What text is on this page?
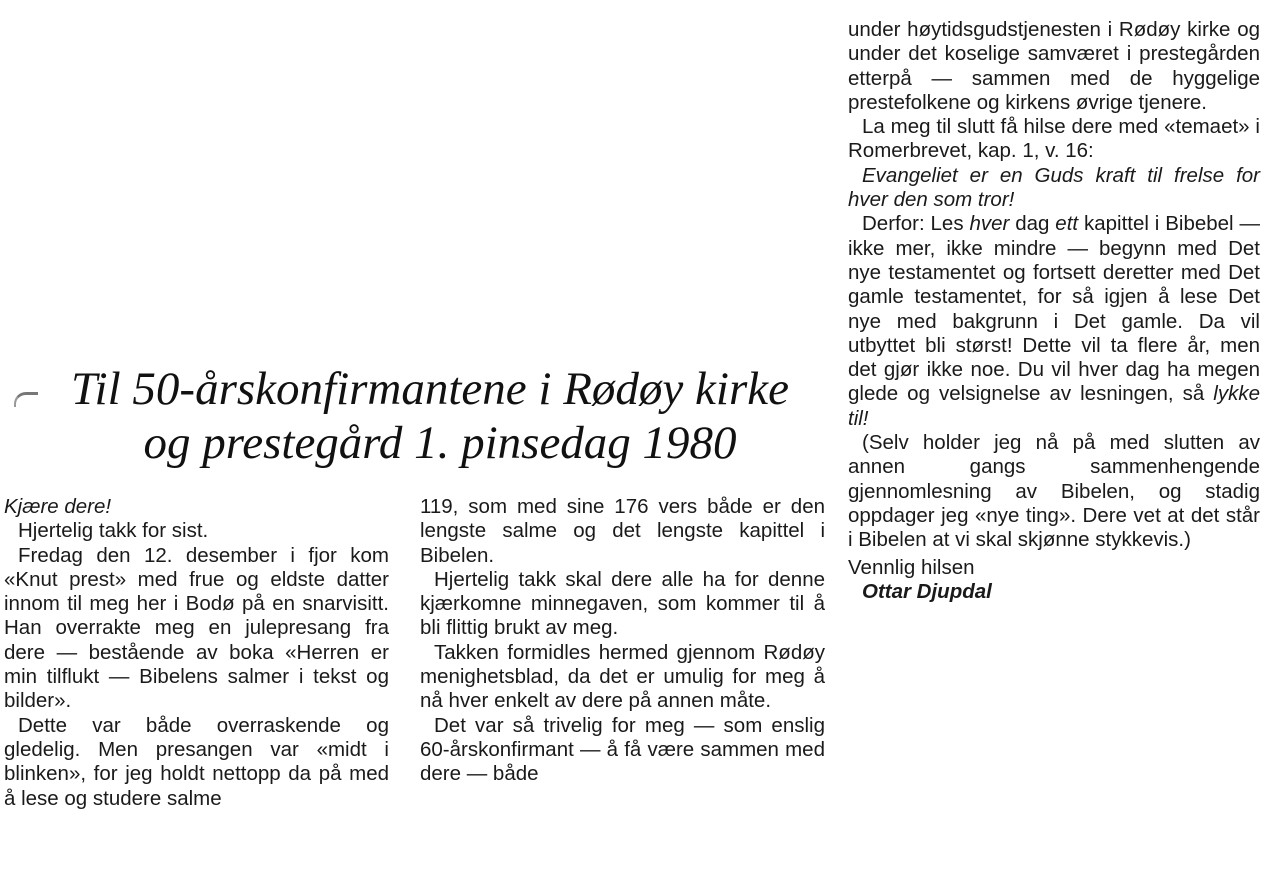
Til 50-årskonfirmantene i Rødøy kirke
og prestegård 1. pinsedag 1980

Kjære dere!

Hjertelig takk for sist.

Fredag den 12. desember i fjor kom «Knut prest» med frue og eldste datter innom til meg her i Bodø på en snarvisitt. Han overrakte meg en julepresang fra dere — bestående av boka «Herren er min tilflukt — Bibelens salmer i tekst og bilder».

Dette var både overraskende og gledelig. Men presangen var «midt i blinken», for jeg holdt nettopp da på med å lese og studere salme

119, som med sine 176 vers både er den lengste salme og det lengste kapittel i Bibelen.

Hjertelig takk skal dere alle ha for denne kjærkomne minnegaven, som kommer til å bli flittig brukt av meg.

Takken formidles hermed gjennom Rødøy menighetsblad, da det er umulig for meg å nå hver enkelt av dere på annen måte.

Det var så trivelig for meg — som enslig 60-årskonfirmant — å få være sammen med dere — både

under høytidsgudstjenesten i Rødøy kirke og under det koselige samværet i prestegården etterpå — sammen med de hyggelige prestefolkene og kirkens øvrige tjenere.

La meg til slutt få hilse dere med «temaet» i Romerbrevet, kap. 1, v. 16:

Evangeliet er en Guds kraft til frelse for hver den som tror!

Derfor: Les hver dag ett kapittel i Bibebel — ikke mer, ikke mindre — begynn med Det nye testamentet og fortsett deretter med Det gamle testamentet, for så igjen å lese Det nye med bakgrunn i Det gamle. Da vil utbyttet bli størst! Dette vil ta flere år, men det gjør ikke noe. Du vil hver dag ha megen glede og velsignelse av lesningen, så lykke til!

(Selv holder jeg nå på med slutten av annen gangs sammenhengende gjennomlesning av Bibelen, og stadig oppdager jeg «nye ting». Dere vet at det står i Bibelen at vi skal skjønne stykkevis.)

Vennlig hilsen

Ottar Djupdal
